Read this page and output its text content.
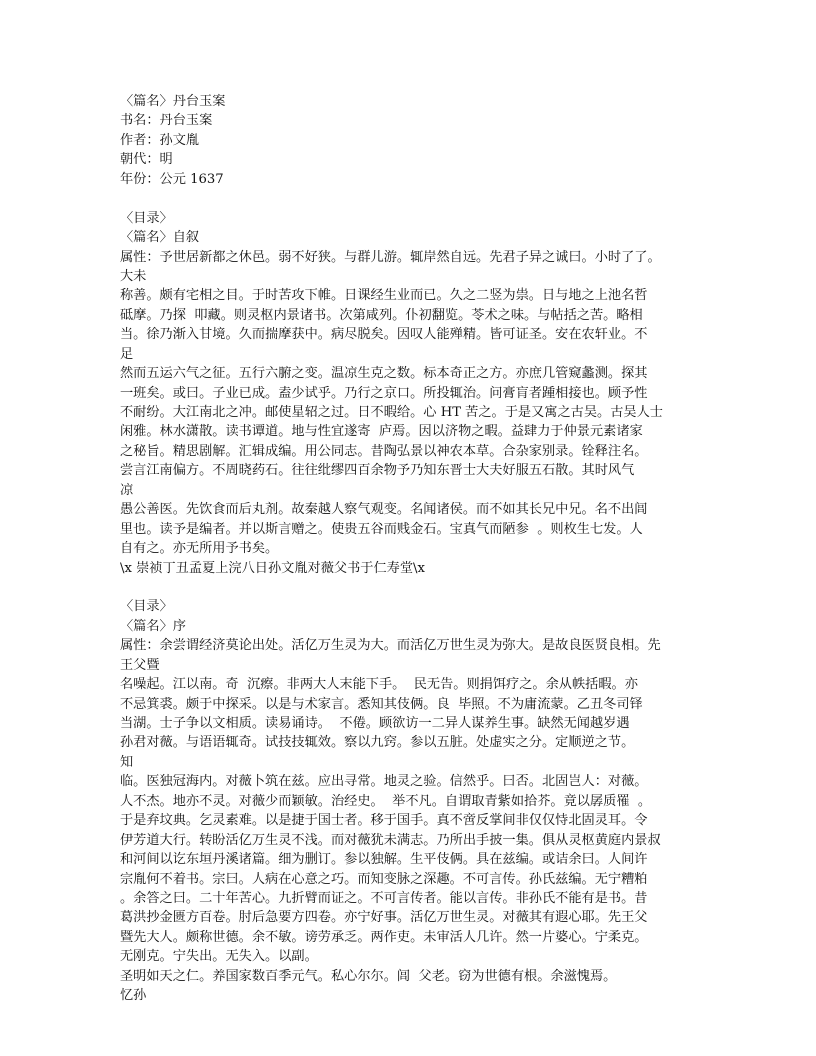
〈篇名〉丹台玉案
书名：丹台玉案
作者：孙文胤
朝代：明
年份：公元 1637
〈目录〉
〈篇名〉自叙
属性：予世居新都之休邑。弱不好狭。与群儿游。辄岸然自远。先君子异之诚曰。小时了了。
大未
称善。颇有宅相之目。于时苦攻下帷。日课经生业而已。久之二竖为祟。日与地之上池名哲
砥摩。乃探  叩藏。则灵枢内景诸书。次第咸列。仆初翻览。苓术之味。与帖括之苦。略相
当。徐乃渐入甘境。久而揣摩获中。病尽脱矣。因叹人能殚精。皆可证圣。安在农轩业。不
足
然而五运六气之征。五行六腑之变。温凉生克之数。标本奇正之方。亦庶几管窥蠡测。探其
一班矣。或曰。子业已成。盍少试乎。乃行之京口。所投辄治。问膏肓者踵相接也。顾予性
不耐纷。大江南北之冲。邮使星轺之过。日不暇给。心 HT 苦之。于是又寓之古吴。古吴人士
闲雅。林水潇散。读书谭道。地与性宜遂寄  庐焉。因以济物之暇。益肆力于仲景元素诸家
之秘旨。精思剧解。汇辑成编。用公同志。昔陶弘景以神农本草。合杂家别录。铨释注名。
尝言江南偏方。不周晓药石。往往纰缪四百余物予乃知东晋士大夫好服五石散。其时风气
凉
愚公善医。先饮食而后丸剂。故秦越人察气观变。名闻诸侯。而不如其长兄中兄。名不出闾
里也。读予是编者。并以斯言赠之。使贵五谷而贱金石。宝真气而陋参  。则枚生七发。人
自有之。亦无所用予书矣。
\x 崇祯丁丑孟夏上浣八日孙文胤对薇父书于仁寿堂\x
〈目录〉
〈篇名〉序
属性：余尝谓经济莫论出处。活亿万生灵为大。而活亿万世生灵为弥大。是故良医贤良相。先
王父暨
名噪起。江以南。奇  沉瘵。非两大人末能下手。  民无告。则捐饵疗之。余从帙括暇。亦
不忌箕裘。颇于中探采。以是与术家言。悉知其伎俩。良  毕照。不为庸流蒙。乙丑冬司铎
当湖。士子争以文相质。读易诵诗。  不倦。顾欲访一二异人谋养生事。缺然无闻越岁遇
孙君对薇。与语语辄奇。试技技辄效。察以九窍。参以五脏。处虚实之分。定顺逆之节。
知
临。医独冠海内。对薇卜筑在兹。应出寻常。地灵之验。信然乎。曰否。北固岂人：对薇。
人不杰。地亦不灵。对薇少而颖敏。治经史。  举不凡。自谓取青紫如拾芥。竟以孱质罹  。
于是弃坟典。乞灵素难。以是捷于国士者。移于国手。真不啻反掌间非仅仅恃北固灵耳。令
伊芳道大行。转盼活亿万生灵不浅。而对薇犹未满志。乃所出手披一集。俱从灵枢黄庭内景叔
和河间以讫东垣丹溪诸篇。细为删订。参以独解。生平伎俩。具在兹编。或诘余曰。人间许
宗胤何不着书。宗曰。人病在心意之巧。而知变脉之深趣。不可言传。孙氏兹编。无宁糟粕
。余答之曰。二十年苦心。九折臂而证之。不可言传者。能以言传。非孙氏不能有是书。昔
葛洪抄金匮方百卷。肘后急要方四卷。亦宁好事。活亿万世生灵。对薇其有遐心耶。先王父
暨先大人。颇称世德。余不敏。谤劳承乏。两作吏。未审活人几许。然一片婆心。宁柔克。
无刚克。宁失出。无失入。以副。
圣明如天之仁。养国家数百季元气。私心尔尔。闾  父老。窃为世德有根。余滋愧焉。
忆孙
